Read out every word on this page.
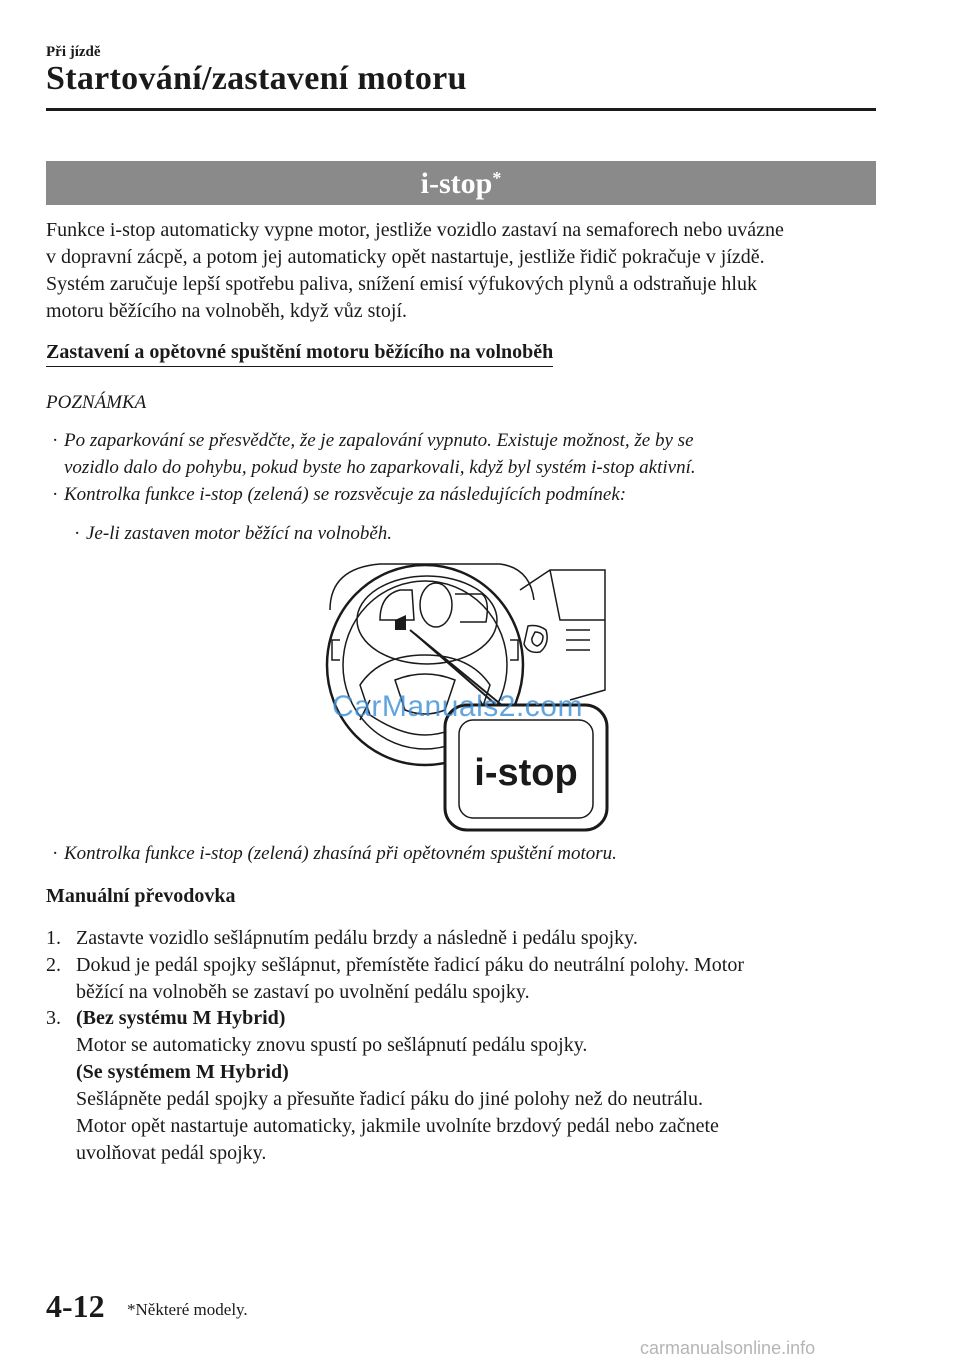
Při jízdě
Startování/zastavení motoru
i-stop*
Funkce i-stop automaticky vypne motor, jestliže vozidlo zastaví na semaforech nebo uvázne
v dopravní zácpě, a potom jej automaticky opět nastartuje, jestliže řidič pokračuje v jízdě.
Systém zaručuje lepší spotřebu paliva, snížení emisí výfukových plynů a odstraňuje hluk
motoru běžícího na volnoběh, když vůz stojí.
Zastavení a opětovné spuštění motoru běžícího na volnoběh
POZNÁMKA
· Po zaparkování se přesvědčte, že je zapalování vypnuto. Existuje možnost, že by se
vozidlo dalo do pohybu, pokud byste ho zaparkovali, když byl systém i-stop aktivní.
· Kontrolka funkce i-stop (zelená) se rozsvěcuje za následujících podmínek:
· Je-li zastaven motor běžící na volnoběh.
i-stop
CarManuals2.com
· Kontrolka funkce i-stop (zelená) zhasíná při opětovném spuštění motoru.
Manuální převodovka
1. Zastavte vozidlo sešlápnutím pedálu brzdy a následně i pedálu spojky.
2. Dokud je pedál spojky sešlápnut, přemístěte řadicí páku do neutrální polohy. Motor
běžící na volnoběh se zastaví po uvolnění pedálu spojky.
3. (Bez systému M Hybrid)
Motor se automaticky znovu spustí po sešlápnutí pedálu spojky.
(Se systémem M Hybrid)
Sešlápněte pedál spojky a přesuňte řadicí páku do jiné polohy než do neutrálu.
Motor opět nastartuje automaticky, jakmile uvolníte brzdový pedál nebo začnete
uvolňovat pedál spojky.
4-12 *Některé modely.
carmanualsonline.info
